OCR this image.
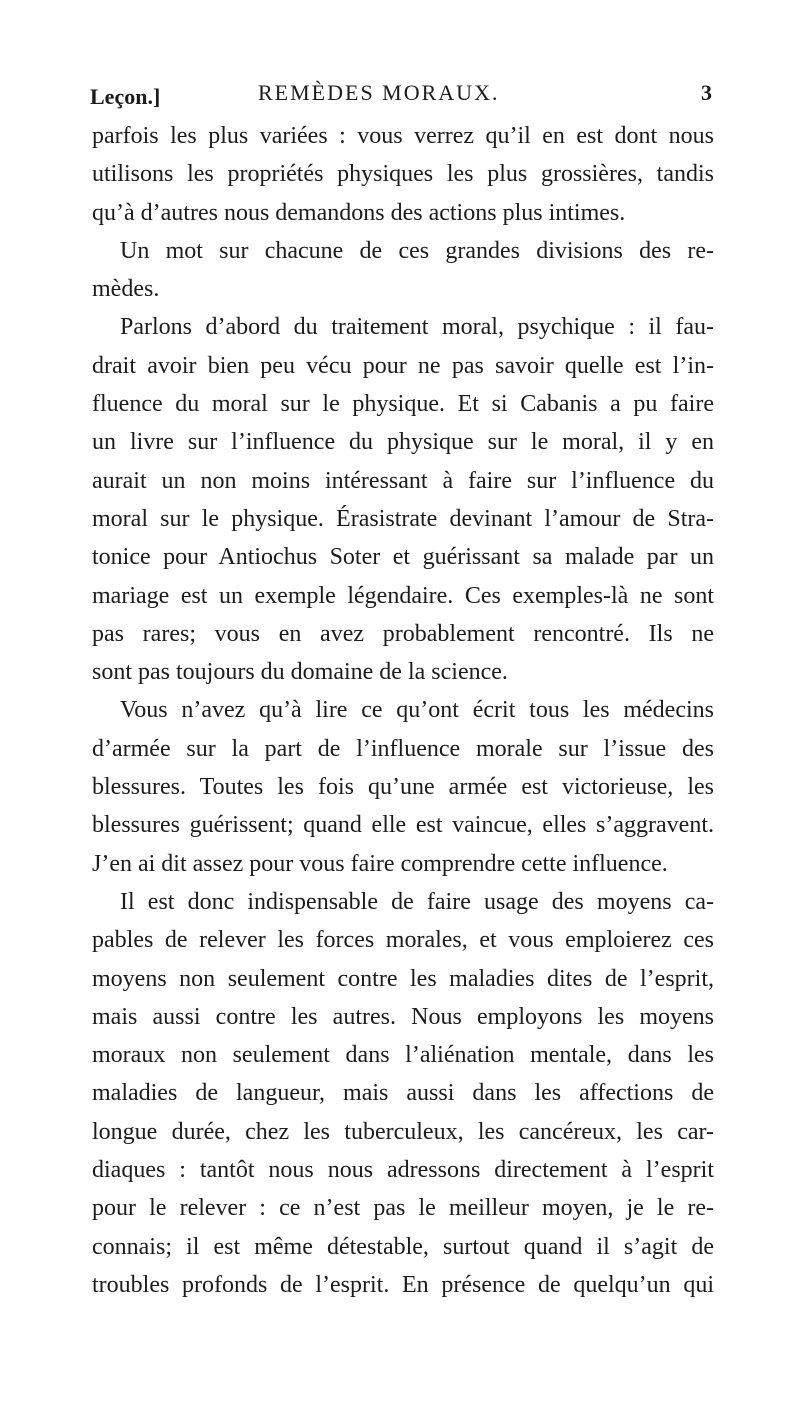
Leçon.]	REMÈDES MORAUX.	3
parfois les plus variées : vous verrez qu’il en est dont nous
utilisons les propriétés physiques les plus grossières, tandis
qu’à d’autres nous demandons des actions plus intimes.
Un mot sur chacune de ces grandes divisions des re-
mèdes.
Parlons d’abord du traitement moral, psychique : il fau-
drait avoir bien peu vécu pour ne pas savoir quelle est l’in-
fluence du moral sur le physique. Et si Cabanis a pu faire
un livre sur l’influence du physique sur le moral, il y en
aurait un non moins intéressant à faire sur l’influence du
moral sur le physique. Érasistrate devinant l’amour de Stra-
tonice pour Antiochus Soter et guérissant sa malade par un
mariage est un exemple légendaire. Ces exemples-là ne sont
pas rares; vous en avez probablement rencontré. Ils ne
sont pas toujours du domaine de la science.
Vous n’avez qu’à lire ce qu’ont écrit tous les médecins
d’armée sur la part de l’influence morale sur l’issue des
blessures. Toutes les fois qu’une armée est victorieuse, les
blessures guérissent; quand elle est vaincue, elles s’aggravent.
J’en ai dit assez pour vous faire comprendre cette influence.
Il est donc indispensable de faire usage des moyens ca-
pables de relever les forces morales, et vous emploierez ces
moyens non seulement contre les maladies dites de l’esprit,
mais aussi contre les autres. Nous employons les moyens
moraux non seulement dans l’aliénation mentale, dans les
maladies de langueur, mais aussi dans les affections de
longue durée, chez les tuberculeux, les cancéreux, les car-
diaques : tantôt nous nous adressons directement à l’esprit
pour le relever : ce n’est pas le meilleur moyen, je le re-
connais; il est même détestable, surtout quand il s’agit de
troubles profonds de l’esprit. En présence de quelqu’un qui
